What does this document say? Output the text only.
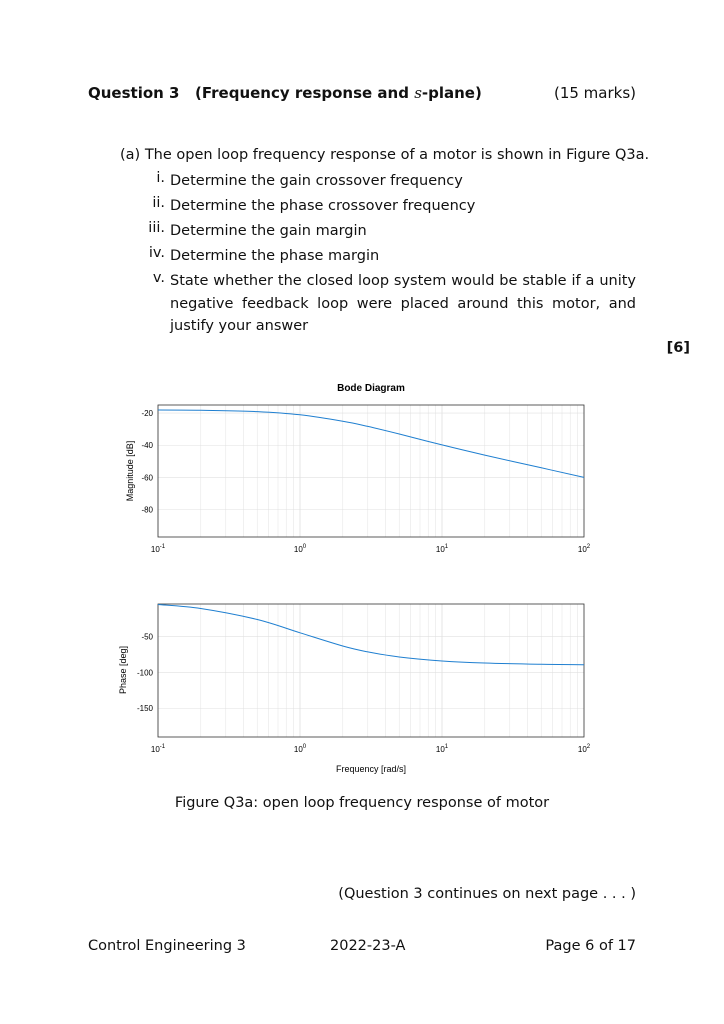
Question 3 (Frequency response and s-plane)	(15 marks)
(a) The open loop frequency response of a motor is shown in Figure Q3a.
i. Determine the gain crossover frequency
ii. Determine the phase crossover frequency
iii. Determine the gain margin
iv. Determine the phase margin
v. State whether the closed loop system would be stable if a unity negative feedback loop were placed around this motor, and justify your answer
[6]
Bode Diagram
-20
-40
-60
-80
$10^{-1}$	$10^0$	$10^1$	$10^2$
Magnitude [dB]
-50
-100
-150
$10^{-1}$	$10^0$	$10^1$	$10^2$
Phase [deg]
Frequency [rad/s]
Figure Q3a: open loop frequency response of motor
(Question 3 continues on next page . . . )
Control Engineering 3	2022-23-A	Page 6 of 17
